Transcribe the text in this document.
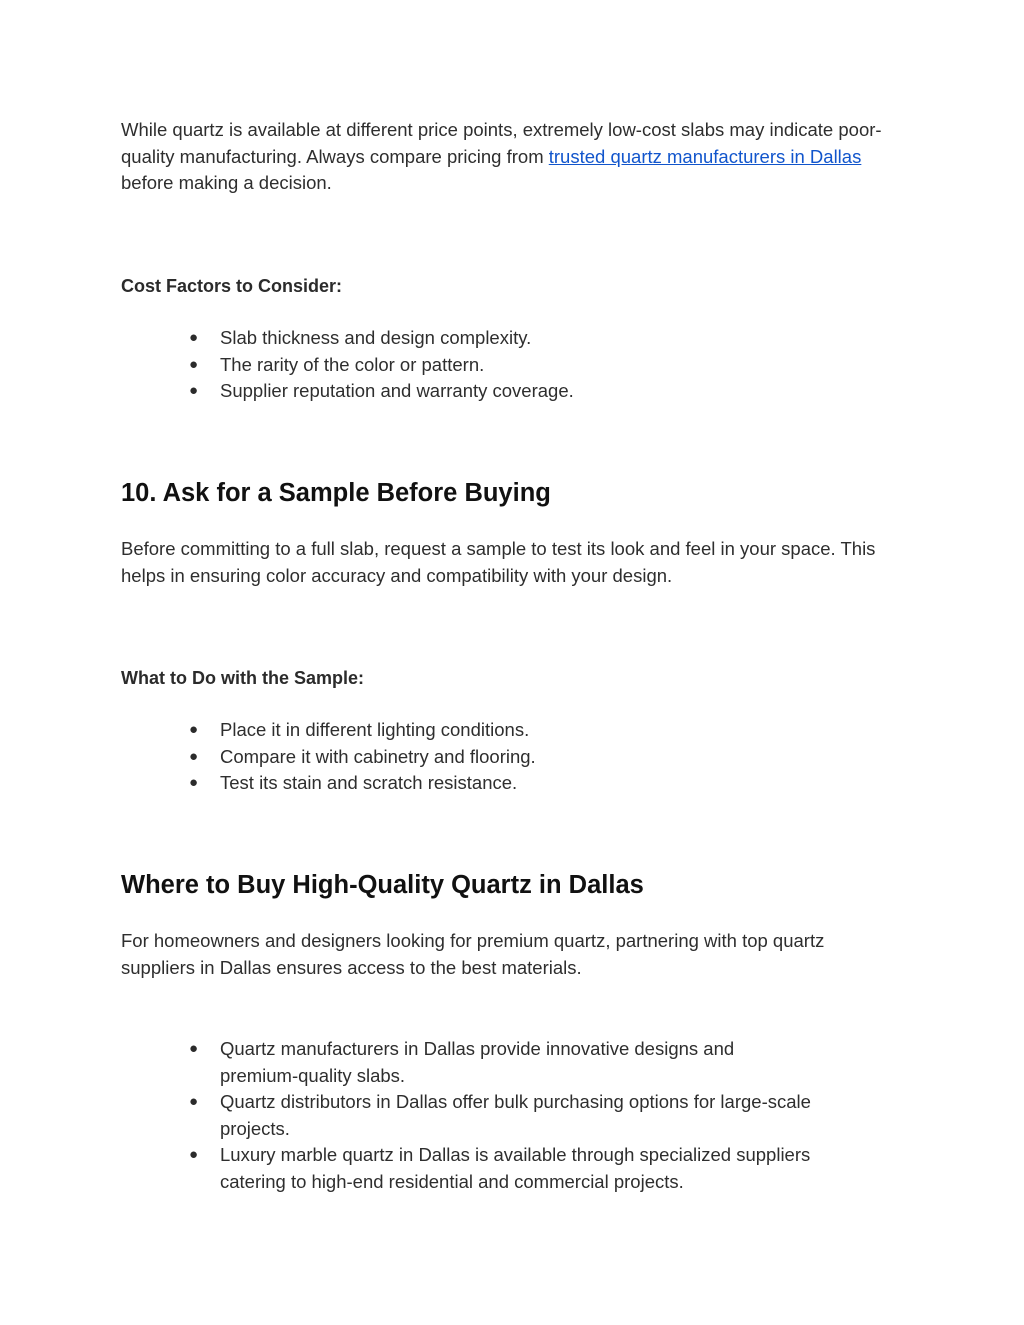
While quartz is available at different price points, extremely low-cost slabs may indicate poor-quality manufacturing. Always compare pricing from trusted quartz manufacturers in Dallas before making a decision.

Cost Factors to Consider:
● Slab thickness and design complexity.
● The rarity of the color or pattern.
● Supplier reputation and warranty coverage.
10. Ask for a Sample Before Buying

Before committing to a full slab, request a sample to test its look and feel in your space. This helps in ensuring color accuracy and compatibility with your design.

What to Do with the Sample:
● Place it in different lighting conditions.
● Compare it with cabinetry and flooring.
● Test its stain and scratch resistance.
Where to Buy High-Quality Quartz in Dallas

For homeowners and designers looking for premium quartz, partnering with top quartz suppliers in Dallas ensures access to the best materials.

● Quartz manufacturers in Dallas provide innovative designs and premium-quality slabs.
● Quartz distributors in Dallas offer bulk purchasing options for large-scale projects.
● Luxury marble quartz in Dallas is available through specialized suppliers catering to high-end residential and commercial projects.
